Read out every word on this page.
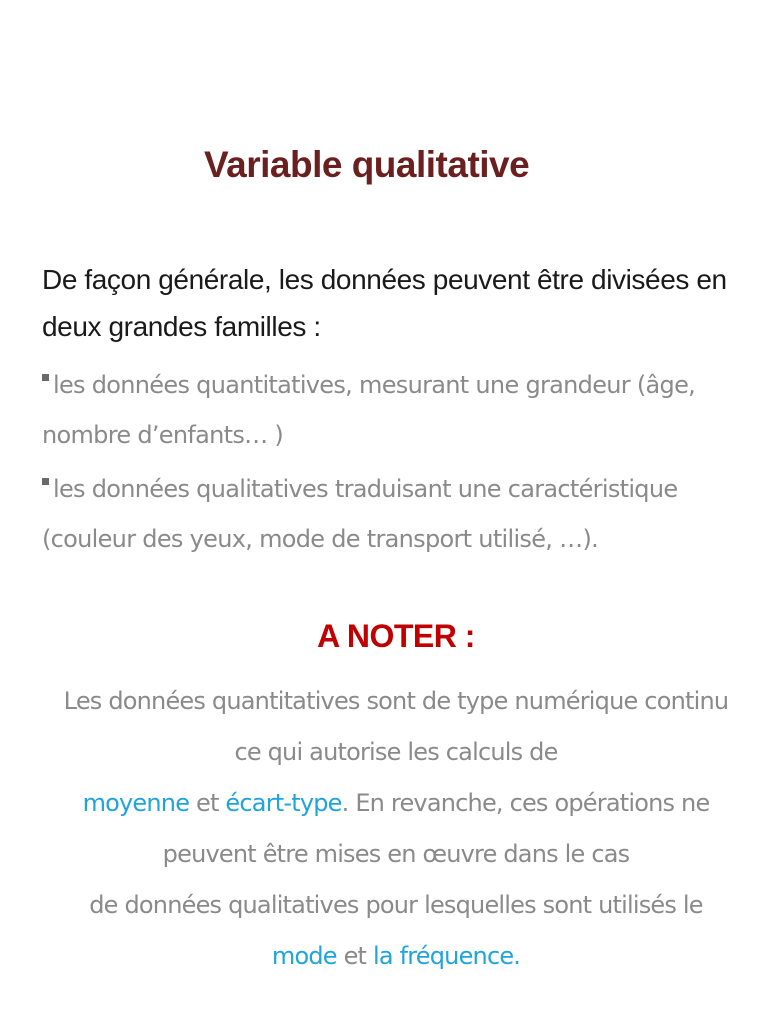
Variable qualitative
De façon générale, les données peuvent être divisées en deux grandes familles :
les données quantitatives, mesurant une grandeur (âge, nombre d’enfants… )
les données qualitatives traduisant une caractéristique (couleur des yeux, mode de transport utilisé, …).
A NOTER :
Les données quantitatives sont de type numérique continu
ce qui autorise les calculs de
moyenne et écart-type. En revanche, ces opérations ne
peuvent être mises en œuvre dans le cas
de données qualitatives pour lesquelles sont utilisés le
mode et la fréquence.
